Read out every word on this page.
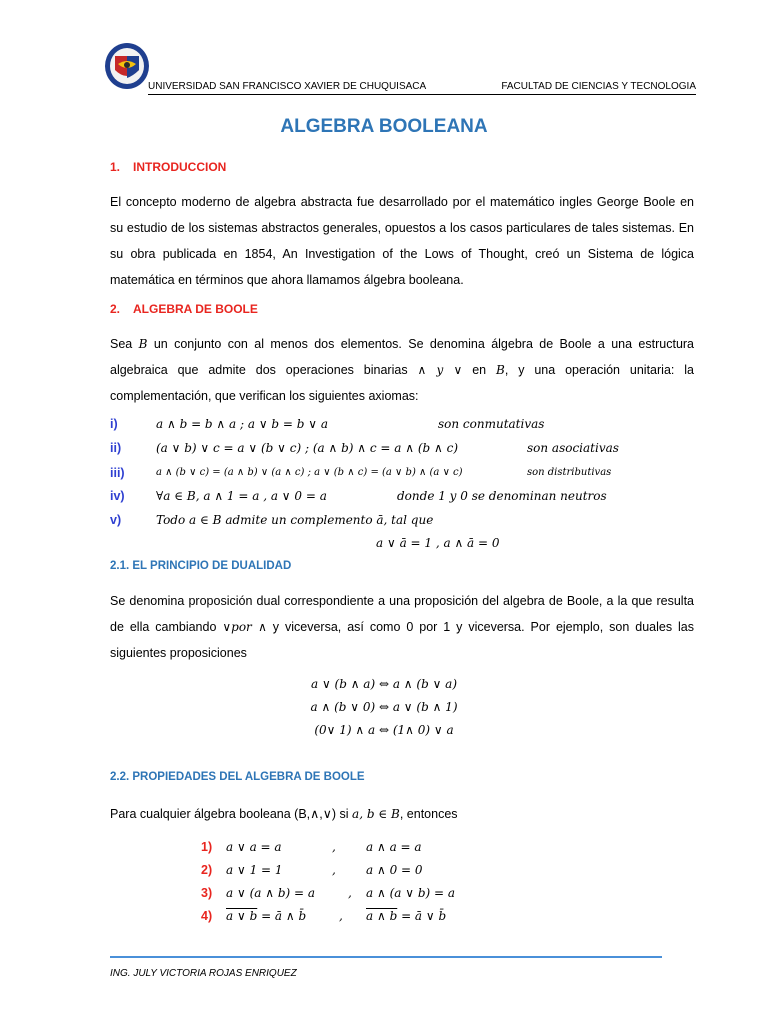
UNIVERSIDAD SAN FRANCISCO XAVIER DE CHUQUISACA	FACULTAD DE CIENCIAS Y TECNOLOGIA
ALGEBRA BOOLEANA
1. INTRODUCCION
El concepto moderno de algebra abstracta fue desarrollado por el matemático ingles George Boole en
su estudio de los sistemas abstractos generales, opuestos a los casos particulares de tales sistemas. En
su obra publicada en 1854, An Investigation of the Lows of Thought, creó un Sistema de lógica
matemática en términos que ahora llamamos álgebra booleana.
2. ALGEBRA DE BOOLE
Sea B un conjunto con al menos dos elementos. Se denomina álgebra de Boole a una estructura
algebraica que admite dos operaciones binarias ∧ y ∨ en B, y una operación unitaria: la
complementación, que verifican los siguientes axiomas:
i)	a ∧ b = b ∧ a ; a ∨ b = b ∨ a	son conmutativas
ii)	(a ∨ b) ∨ c = a ∨ (b ∨ c) ; (a ∧ b) ∧ c = a ∧ (b ∧ c)	son asociativas
iii)	a ∧ (b ∨ c) = (a ∧ b) ∨ (a ∧ c) ; a ∨ (b ∧ c) = (a ∨ b) ∧ (a ∨ c)	son distributivas
iv)	∀a ∈ B, a ∧ 1 = a , a ∨ 0 = a	donde 1 y 0 se denominan neutros
v)	Todo a ∈ B admite un complemento ā, tal que
a ∨ ā = 1 , a ∧ ā = 0
2.1. EL PRINCIPIO DE DUALIDAD
Se denomina proposición dual correspondiente a una proposición del algebra de Boole, a la que resulta
de ella cambiando ∨por ∧ y viceversa, así como 0 por 1 y viceversa. Por ejemplo, son duales las
siguientes proposiciones
a ∨ (b ∧ a) ⇔ a ∧ (b ∨ a)
a ∧ (b ∨ 0) ⇔ a ∨ (b ∧ 1)
(0∨ 1) ∧ a ⇔ (1∧ 0) ∨ a
2.2. PROPIEDADES DEL ALGEBRA DE BOOLE
Para cualquier álgebra booleana (B,∧,∨) si a, b ∈ B, entonces
1) a ∨ a = a	,	a ∧ a = a
2) a ∨ 1 = 1	,	a ∧ 0 = 0
3) a ∨ (a ∧ b) = a	, a ∧ (a ∨ b) = a
4) a ∨ b = ā ∧ b̄	, a ∧ b = ā ∨ b̄
ING. JULY VICTORIA ROJAS ENRIQUEZ
